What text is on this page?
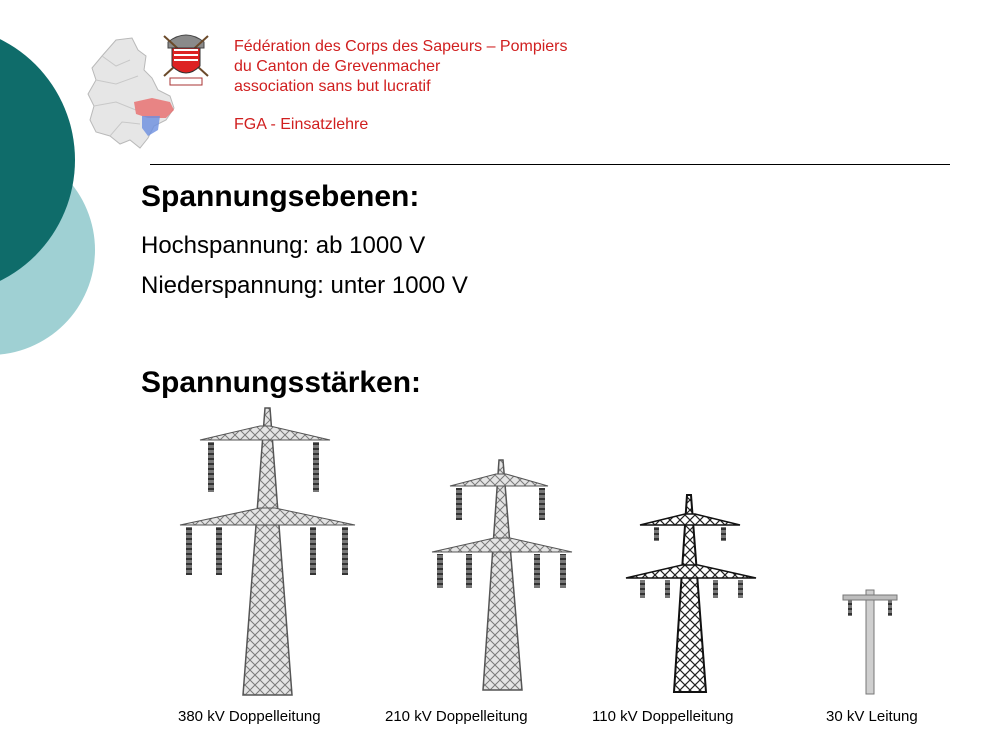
Fédération des Corps des Sapeurs – Pompiers
du Canton de Grevenmacher
association sans but lucratif
FGA - Einsatzlehre
Spannungsebenen:
Hochspannung: ab 1000 V
Niederspannung: unter 1000 V
Spannungsstärken:
380 kV Doppelleitung	210 kV Doppelleitung	110 kV Doppelleitung	30 kV Leitung
